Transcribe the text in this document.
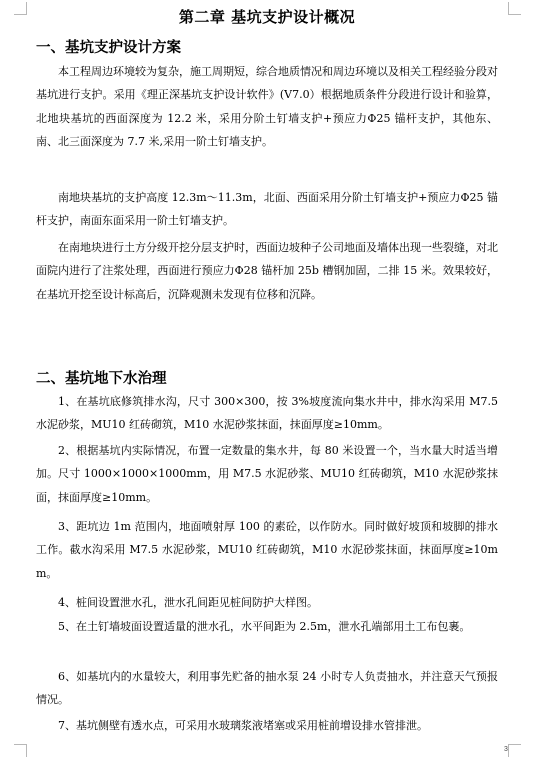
第二章 基坑支护设计概况
一、基坑支护设计方案

本工程周边环境较为复杂，施工周期短，综合地质情况和周边环境以及相关工程经验分段对基坑进行支护。采用《理正深基坑支护设计软件》(V7.0）根据地质条件分段进行设计和验算，北地块基坑的西面深度为 12.2 米，采用分阶土钉墙支护+预应力Φ25 锚杆支护，其他东、南、北三面深度为 7.7 米,采用一阶土钉墙支护。

南地块基坑的支护高度 12.3m～11.3m，北面、西面采用分阶土钉墙支护+预应力Φ25 锚杆支护，南面东面采用一阶土钉墙支护。

在南地块进行土方分级开挖分层支护时，西面边坡种子公司地面及墙体出现一些裂缝，对北面院内进行了注浆处理，西面进行预应力Φ28 锚杆加 25b 槽钢加固，二排 15 米。效果较好，在基坑开挖至设计标高后，沉降观测未发现有位移和沉降。

二、基坑地下水治理

1、在基坑底修筑排水沟，尺寸 300×300，按 3%坡度流向集水井中，排水沟采用 M7.5 水泥砂浆，MU10 红砖砌筑，M10 水泥砂浆抹面，抹面厚度≥10mm。

2、根据基坑内实际情况，布置一定数量的集水井，每 80 米设置一个，当水量大时适当增加。尺寸 1000×1000×1000mm，用 M7.5 水泥砂浆、MU10 红砖砌筑，M10 水泥砂浆抹面，抹面厚度≥10mm。

3、距坑边 1m 范围内，地面喷射厚 100 的素砼，以作防水。同时做好坡顶和坡脚的排水工作。截水沟采用 M7.5 水泥砂浆，MU10 红砖砌筑，M10 水泥砂浆抹面，抹面厚度≥10mm。

4、桩间设置泄水孔，泄水孔间距见桩间防护大样图。

5、在土钉墙坡面设置适量的泄水孔，水平间距为 2.5m，泄水孔端部用土工布包裹。

6、如基坑内的水量较大，利用事先贮备的抽水泵 24 小时专人负责抽水，并注意天气预报情况。

7、基坑侧壁有透水点，可采用水玻璃浆液堵塞或采用桩前增设排水管排泄。

3
